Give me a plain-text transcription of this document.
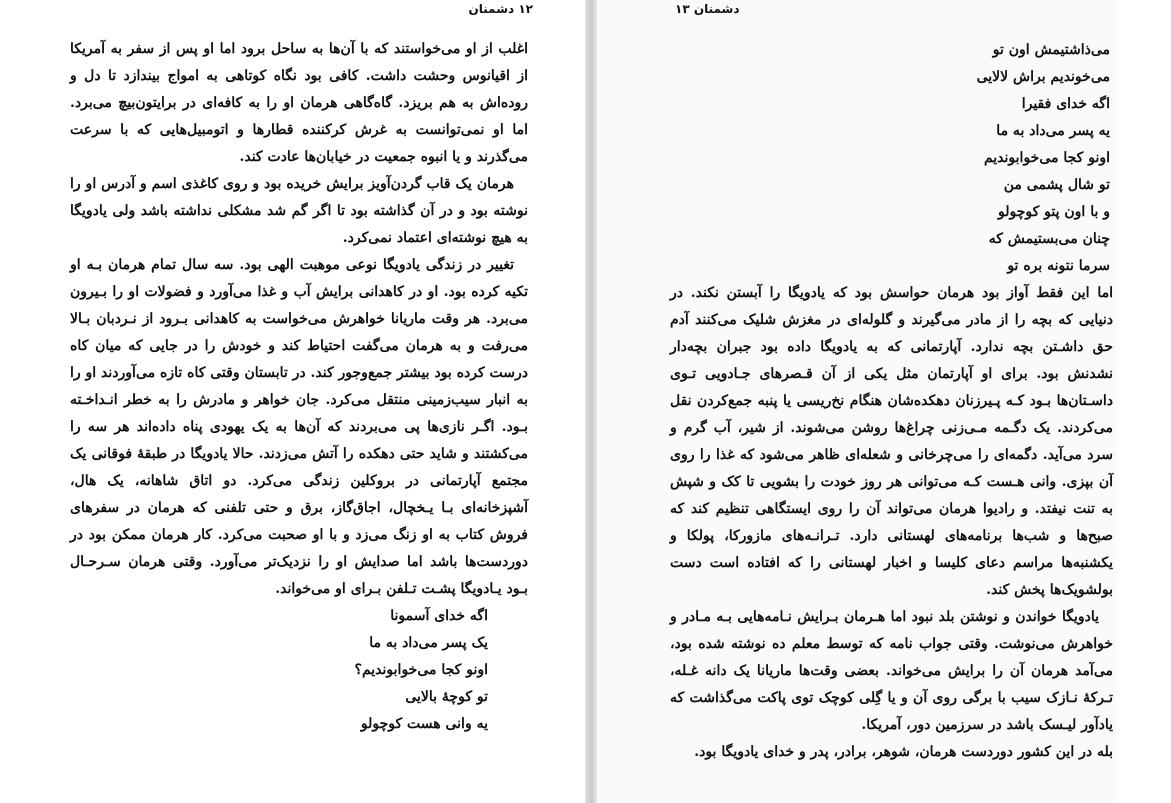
۱۲ دشمنان

اغلب از او می‌خواستند که با آن‌ها به ساحل برود اما او پس از سفر به آمریکا از اقیانوس وحشت داشت. کافی بود نگاه کوتاهی به امواج بیندازد تا دل و روده‌اش به هم بریزد. گاه‌گاهی هرمان او را به کافه‌ای در برایتون‌بیچ می‌برد. اما او نمی‌توانست به غرش کرکننده قطارها و اتومبیل‌هایی که با سرعت می‌گذرند و یا انبوه جمعیت در خیابان‌ها عادت کند.

هرمان یک قاب گردن‌آویز برایش خریده بود و روی کاغذی اسم و آدرس او را نوشته بود و در آن گذاشته بود تا اگر گم شد مشکلی نداشته باشد ولی یادویگا به هیچ نوشته‌ای اعتماد نمی‌کرد.

تغییر در زندگی یادویگا نوعی موهبت الهی بود. سه سال تمام هرمان بـه او تکیه کرده بود. او در کاهدانی برایش آب و غذا می‌آورد و فضولات او را بـیرون می‌برد. هر وقت ماریانا خواهرش می‌خواست به کاهدانی بـرود از نـردبان بـالا می‌رفت و به هرمان می‌گفت احتیاط کند و خودش را در جایی که میان کاه درست کرده بود بیشتر جمع‌وجور کند. در تابستان وقتی کاه تازه می‌آوردند او را به انبار سیب‌زمینی منتقل می‌کرد. جان خواهر و مادرش را به خطر انـداخـته بـود. اگـر نازی‌ها پی می‌بردند که آن‌ها به یک یهودی پناه داده‌اند هر سه را می‌کشتند و شاید حتی دهکده را آتش می‌زدند. حالا یادویگا در طبقهٔ فوقانی یک مجتمع آپارتمانی در بروکلین زندگی می‌کرد. دو اتاق شاهانه، یک هال، آشپزخانه‌ای بـا یـخچال، اجاق‌گاز، برق و حتی تلفنی که هرمان در سفرهای فروش کتاب به او زنگ می‌زد و با او صحبت می‌کرد. کار هرمان ممکن بود در دوردست‌ها باشد اما صدایش او را نزدیک‌تر می‌آورد. وقتی هرمان سـرحـال بـود یـادویگا پشـت تـلفن بـرای او می‌خواند.

اگه خدای آسمونا
یک پسر می‌داد به ما
اونو کجا می‌خوابوندیم؟
تو کوچهٔ بالایی
یه وانی هست کوچولو
دشمنان ۱۳
می‌ذاشتیمش اون تو
می‌خوندیم براش لالایی
اگه خدای فقیرا
یه پسر می‌داد به ما
اونو کجا می‌خوابوندیم
تو شال پشمی من
و با اون پتو کوچولو
چنان می‌بستیمش که
سرما نتونه بره تو

اما این فقط آواز بود هرمان حواسش بود که یادویگا را آبستن نکند. در دنیایی که بچه را از مادر می‌گیرند و گلوله‌ای در مغزش شلیک می‌کنند آدم حق داشـتن بچه ندارد. آپارتمانی که به یادویگا داده بود جبران بچه‌دار نشدنش بود. برای او آپارتمان مثل یکی از آن قـصرهای جـادویی تـوی داسـتان‌ها بـود کـه پـیرزنان دهکده‌شان هنگام نخ‌ریسی یا پنبه جمع‌کردن نقل می‌کردند. یک دگـمه مـی‌زنی چراغ‌ها روشن می‌شوند. از شیر، آب گرم و سرد می‌آید. دگمه‌ای را می‌چرخانی و شعله‌ای ظاهر می‌شود که غذا را روی آن بپزی. وانی هـست کـه می‌توانی هر روز خودت را بشویی تا کک و شپش به تنت نیفتد. و رادیوا هرمان می‌تواند آن را روی ایستگاهی تنظیم کند که صبح‌ها و شب‌ها برنامه‌های لهستانی دارد. تـرانـه‌های مازورکا، پولکا و یکشنبه‌ها مراسم دعای کلیسا و اخبار لهستانی را که افتاده است دست بولشویک‌ها پخش کند.

یادویگا خواندن و نوشتن بلد نبود اما هـرمان بـرایش نـامه‌هایی بـه مـادر و خواهرش می‌نوشت. وقتی جواب نامه که توسط معلم ده نوشته شده بود، می‌آمد هرمان آن را برایش می‌خواند. بعضی وقت‌ها ماریانا یک دانه غـله، تـرکهٔ نـازک سیب با برگی روی آن و یا گِلی کوچک توی پاکت می‌گذاشت که یادآور لیـسک باشد در سرزمین دور، آمریکا.

بله در این کشور دوردست هرمان، شوهر، برادر، پدر و خدای یادویگا بود.
